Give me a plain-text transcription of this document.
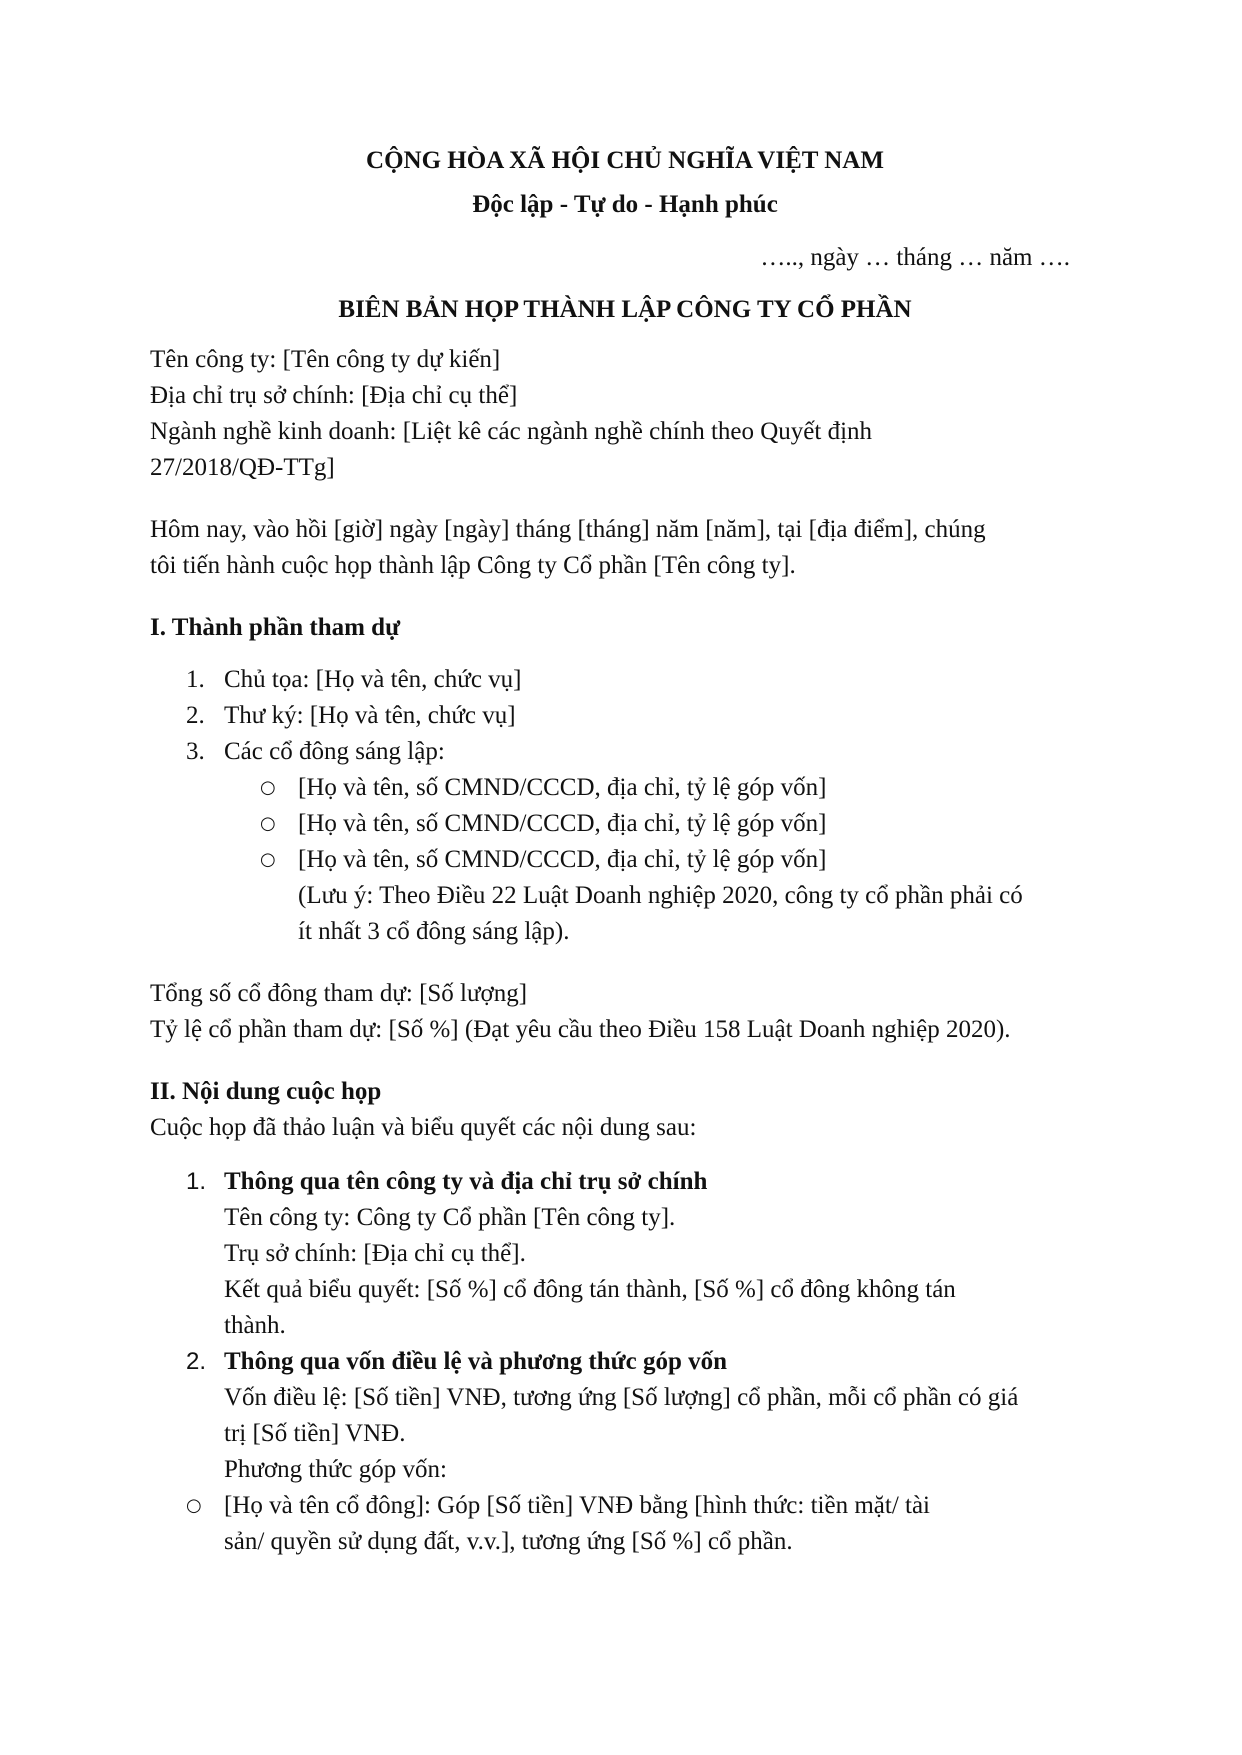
CỘNG HÒA XÃ HỘI CHỦ NGHĨA VIỆT NAM

Độc lập - Tự do - Hạnh phúc

….., ngày … tháng … năm ….

BIÊN BẢN HỌP THÀNH LẬP CÔNG TY CỔ PHẦN

Tên công ty: [Tên công ty dự kiến]

Địa chỉ trụ sở chính: [Địa chỉ cụ thể]

Ngành nghề kinh doanh: [Liệt kê các ngành nghề chính theo Quyết định

27/2018/QĐ-TTg]

Hôm nay, vào hồi [giờ] ngày [ngày] tháng [tháng] năm [năm], tại [địa điểm], chúng

tôi tiến hành cuộc họp thành lập Công ty Cổ phần [Tên công ty].

I. Thành phần tham dự

1. Chủ tọa: [Họ và tên, chức vụ]
2. Thư ký: [Họ và tên, chức vụ]
3. Các cổ đông sáng lập:
○ [Họ và tên, số CMND/CCCD, địa chỉ, tỷ lệ góp vốn]
○ [Họ và tên, số CMND/CCCD, địa chỉ, tỷ lệ góp vốn]
○ [Họ và tên, số CMND/CCCD, địa chỉ, tỷ lệ góp vốn]

(Lưu ý: Theo Điều 22 Luật Doanh nghiệp 2020, công ty cổ phần phải có

ít nhất 3 cổ đông sáng lập).

Tổng số cổ đông tham dự: [Số lượng]

Tỷ lệ cổ phần tham dự: [Số %] (Đạt yêu cầu theo Điều 158 Luật Doanh nghiệp 2020).

II. Nội dung cuộc họp

Cuộc họp đã thảo luận và biểu quyết các nội dung sau:

1. Thông qua tên công ty và địa chỉ trụ sở chính

Tên công ty: Công ty Cổ phần [Tên công ty].

Trụ sở chính: [Địa chỉ cụ thể].

Kết quả biểu quyết: [Số %] cổ đông tán thành, [Số %] cổ đông không tán

thành.

2. Thông qua vốn điều lệ và phương thức góp vốn

Vốn điều lệ: [Số tiền] VNĐ, tương ứng [Số lượng] cổ phần, mỗi cổ phần có giá

trị [Số tiền] VNĐ.

Phương thức góp vốn:

○ [Họ và tên cổ đông]: Góp [Số tiền] VNĐ bằng [hình thức: tiền mặt/ tài

sản/ quyền sử dụng đất, v.v.], tương ứng [Số %] cổ phần.
